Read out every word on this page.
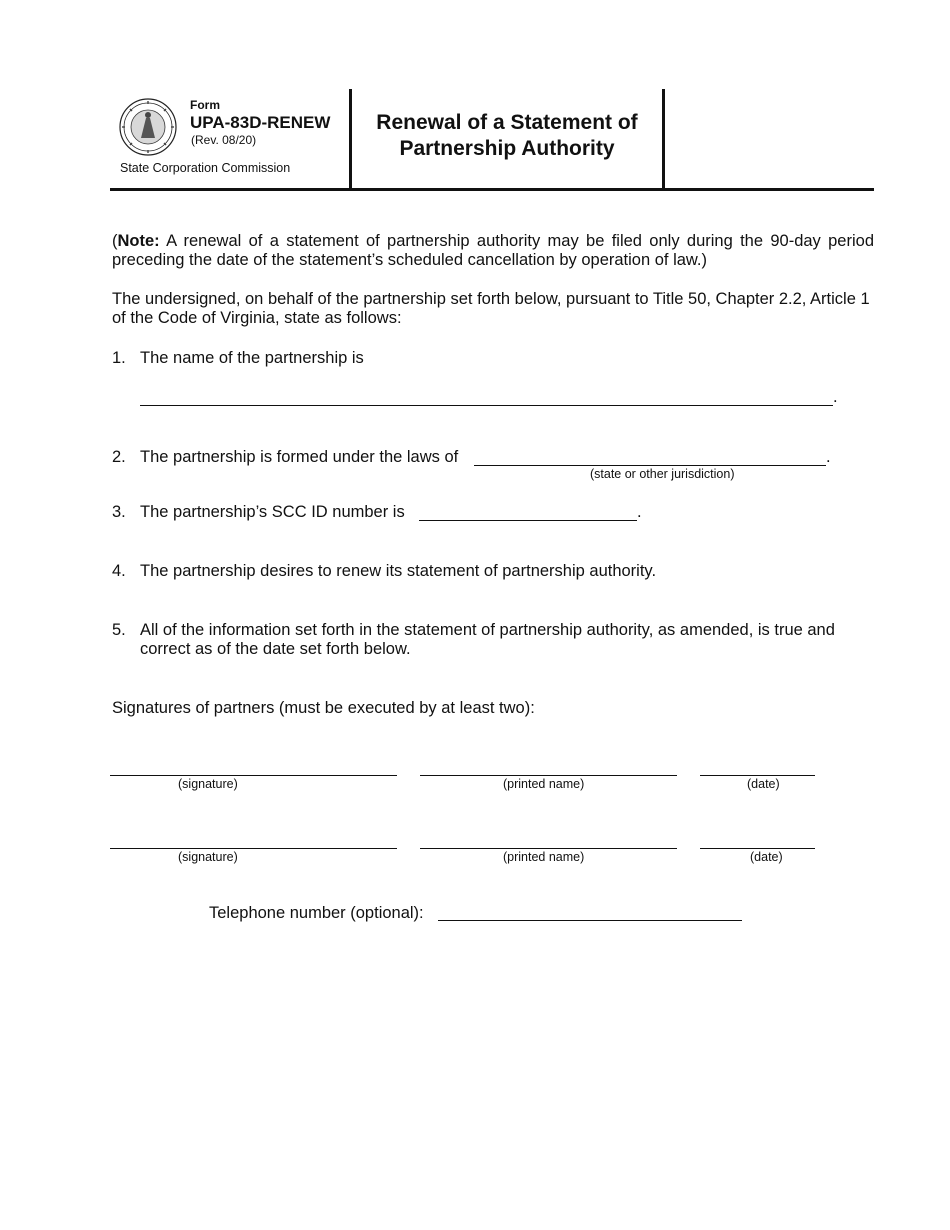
Form
UPA-83D-RENEW
(Rev. 08/20)
State Corporation Commission
Renewal of a Statement of
Partnership Authority
(Note: A renewal of a statement of partnership authority may be filed only during the 90-day period preceding the date of the statement’s scheduled cancellation by operation of law.)
The undersigned, on behalf of the partnership set forth below, pursuant to Title 50, Chapter 2.2, Article 1 of the Code of Virginia, state as follows:
1. The name of the partnership is
.
2. The partnership is formed under the laws of	.
(state or other jurisdiction)
3. The partnership’s SCC ID number is	.
4. The partnership desires to renew its statement of partnership authority.
5. All of the information set forth in the statement of partnership authority, as amended, is true and correct as of the date set forth below.
Signatures of partners (must be executed by at least two):
(signature)	(printed name)	(date)
(signature)	(printed name)	(date)
Telephone number (optional):
